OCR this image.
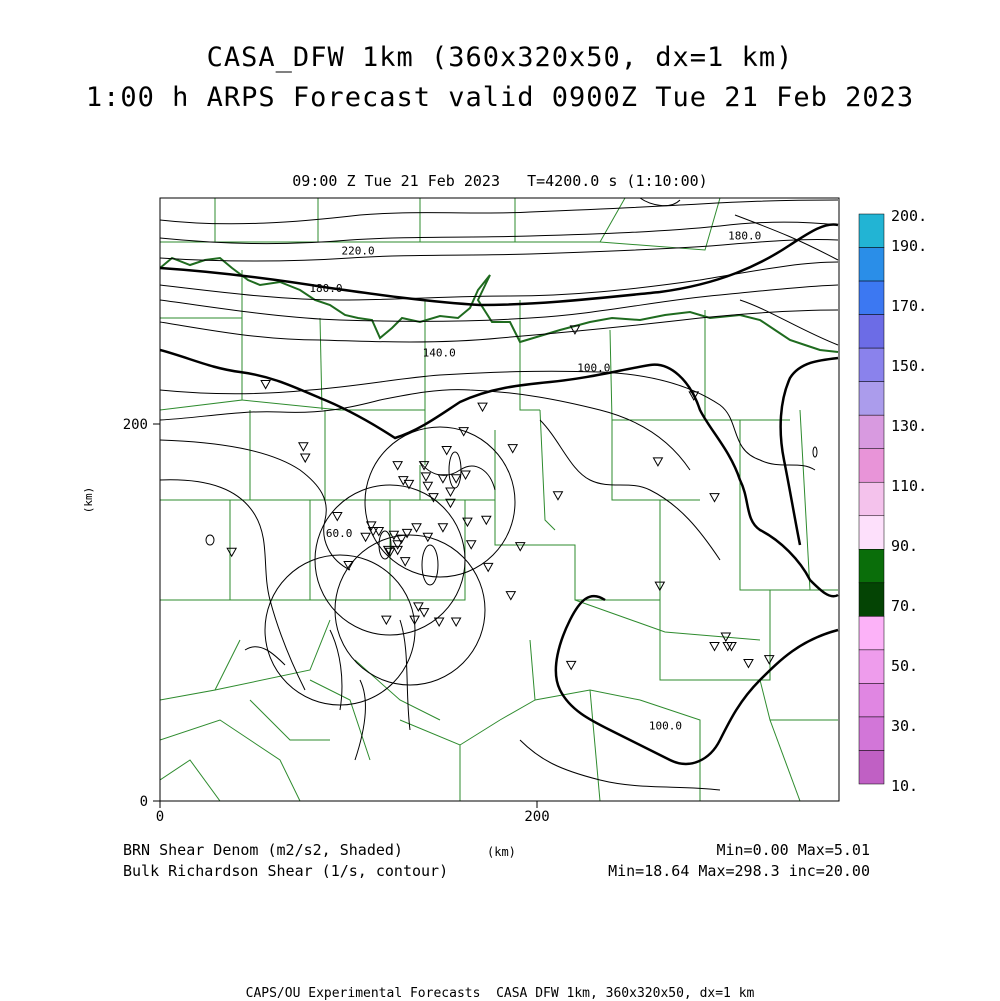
CASA_DFW 1km (360x320x50, dx=1 km)
1:00 h ARPS Forecast valid 0900Z Tue 21 Feb 2023
09:00 Z Tue 21 Feb 2023   T=4200.0 s (1:10:00)
0	200
0
200
(km)
220.0
180.0
180.0
140.0
100.0
60.0
100.0
200.
190.
170.
150.
130.
110.
90.
70.
50.
30.
10.
BRN Shear Denom (m2/s2, Shaded)
Bulk Richardson Shear (1/s, contour)
(km)	Min=0.00 Max=5.01
Min=18.64 Max=298.3 inc=20.00
CAPS/OU Experimental Forecasts  CASA DFW 1km, 360x320x50, dx=1 km
